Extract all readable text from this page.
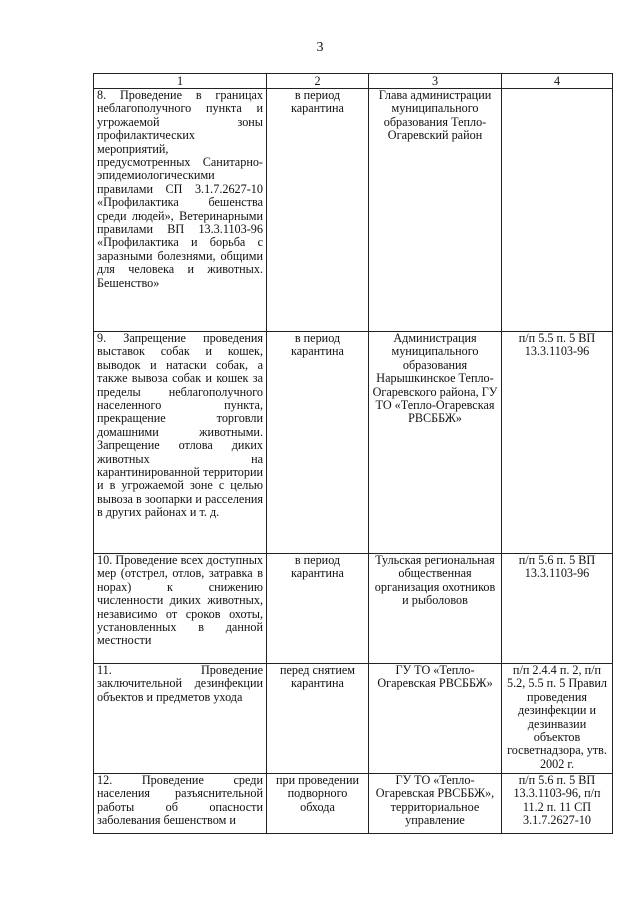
3
1	2	3	4

8. Проведение в границах неблагополучного пункта и угрожаемой зоны профилактических мероприятий, предусмотренных Санитарно-эпидемиологическими правилами СП 3.1.7.2627-10 «Профилактика бешенства среди людей», Ветеринарными правилами ВП 13.3.1103-96 «Профилактика и борьба с заразными болезнями, общими для человека и животных. Бешенство»	в период карантина	Глава администрации муниципального образования Тепло-Огаревский район	

9. Запрещение проведения выставок собак и кошек, выводок и натаски собак, а также вывоза собак и кошек за пределы неблагополучного населенного пункта, прекращение торговли домашними животными. Запрещение отлова диких животных на карантинированной территории и в угрожаемой зоне с целью вывоза в зоопарки и расселения в других районах и т. д.	в период карантина	Администрация муниципального образования Нарышкинское Тепло-Огаревского района, ГУ ТО «Тепло-Огаревская РВСББЖ»	п/п 5.5 п. 5 ВП 13.3.1103-96

10. Проведение всех доступных мер (отстрел, отлов, затравка в норах) к снижению численности диких животных, независимо от сроков охоты, установленных в данной местности	в период карантина	Тульская региональная общественная организация охотников и рыболовов	п/п 5.6 п. 5 ВП 13.3.1103-96

11. Проведение заключительной дезинфекции объектов и предметов ухода	перед снятием карантина	ГУ ТО «Тепло-Огаревская РВСББЖ»	п/п 2.4.4 п. 2, п/п 5.2, 5.5 п. 5 Правил проведения дезинфекции и дезинвазии объектов госветнадзора, утв. 2002 г.

12. Проведение среди населения разъяснительной работы об опасности заболевания бешенством и	при проведении подворного обхода	ГУ ТО «Тепло-Огаревская РВСББЖ», территориальное управление	п/п 5.6 п. 5 ВП 13.3.1103-96, п/п 11.2 п. 11 СП 3.1.7.2627-10
